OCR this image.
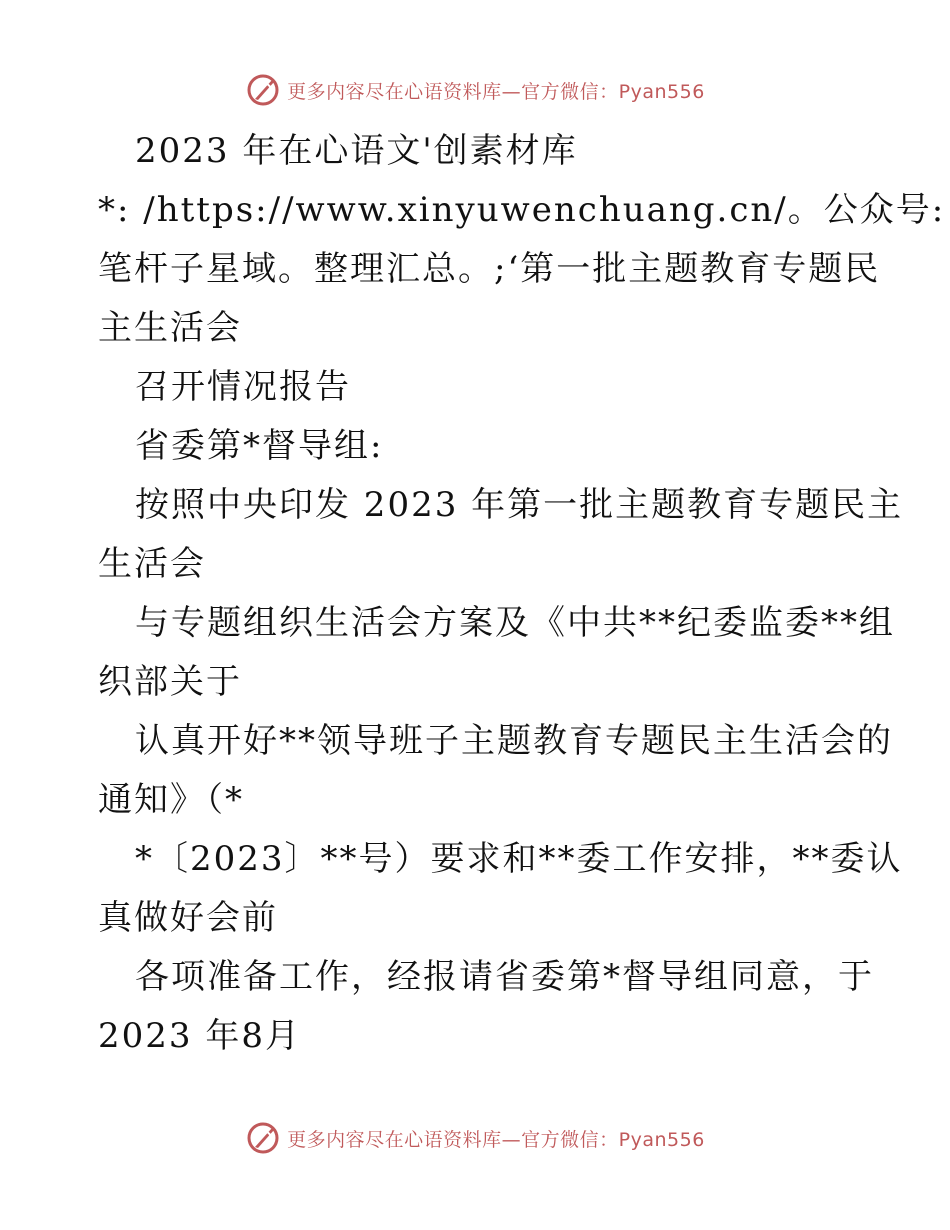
更多内容尽在心语资料库—官方微信：Pyan556
2023 年在心语文'创素材库
*: /https://www.xinyuwenchuang.cn/。公众号:
笔杆子星域。整理汇总。;‘第一批主题教育专题民
主生活会
召开情况报告
省委第*督导组:
按照中央印发 2023 年第一批主题教育专题民主
生活会
与专题组织生活会方案及《中共**纪委监委**组
织部关于
认真开好**领导班子主题教育专题民主生活会的
通知》（*
*〔2023〕**号）要求和**委工作安排，**委认
真做好会前
各项准备工作，经报请省委第*督导组同意，于
2023 年8月
更多内容尽在心语资料库—官方微信：Pyan556
